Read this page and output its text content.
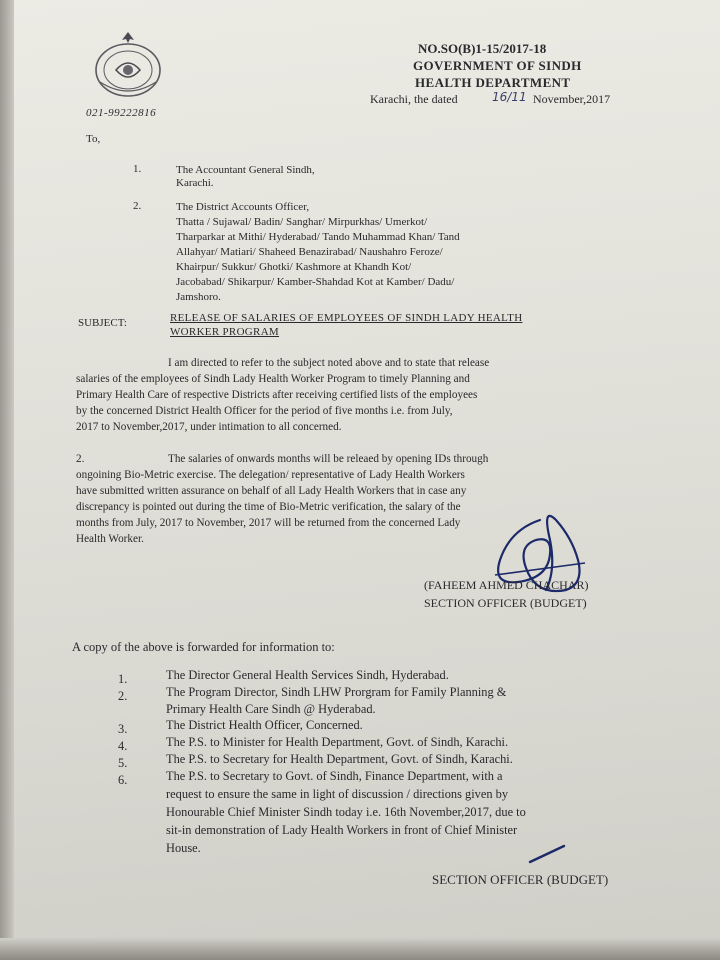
021-99222816
NO.SO(B)1-15/2017-18
GOVERNMENT OF SINDH
HEALTH DEPARTMENT
Karachi, the dated	16/11 November,2017
To,
1.	The Accountant General Sindh,
Karachi.
2.	The District Accounts Officer,
Thatta / Sujawal/ Badin/ Sanghar/ Mirpurkhas/ Umerkot/
Tharparkar at Mithi/ Hyderabad/ Tando Muhammad Khan/ Tand
Allahyar/ Matiari/ Shaheed Benazirabad/ Naushahro Feroze/
Khairpur/ Sukkur/ Ghotki/ Kashmore at Khandh Kot/
Jacobabad/ Shikarpur/ Kamber-Shahdad Kot at Kamber/ Dadu/
Jamshoro.
SUBJECT:	RELEASE OF SALARIES OF EMPLOYEES OF SINDH LADY HEALTH
WORKER PROGRAM
I am directed to refer to the subject noted above and to state that release
salaries of the employees of Sindh Lady Health Worker Program to timely Planning and
Primary Health Care of respective Districts after receiving certified lists of the employees
by the concerned District Health Officer for the period of five months i.e. from July,
2017 to November,2017, under intimation to all concerned.
2.	The salaries of onwards months will be releaed by opening IDs through
ongoining Bio-Metric exercise. The delegation/ representative of Lady Health Workers
have submitted written assurance on behalf of all Lady Health Workers that in case any
discrepancy is pointed out during the time of Bio-Metric verification, the salary of the
months from July, 2017 to November, 2017 will be returned from the concerned Lady
Health Worker.
(FAHEEM AHMED CHACHAR)
SECTION OFFICER (BUDGET)
A copy of the above is forwarded for information to:
1.	The Director General Health Services Sindh, Hyderabad.
2.	The Program Director, Sindh LHW Prorgram for Family Planning &
Primary Health Care Sindh @ Hyderabad.
3.	The District Health Officer, Concerned.
4.	The P.S. to Minister for Health Department, Govt. of Sindh, Karachi.
5.	The P.S. to Secretary for Health Department, Govt. of Sindh, Karachi.
6.	The P.S. to Secretary to Govt. of Sindh, Finance Department, with a
request to ensure the same in light of discussion / directions given by
Honourable Chief Minister Sindh today i.e. 16th November,2017, due to
sit-in demonstration of Lady Health Workers in front of Chief Minister
House.
SECTION OFFICER (BUDGET)
